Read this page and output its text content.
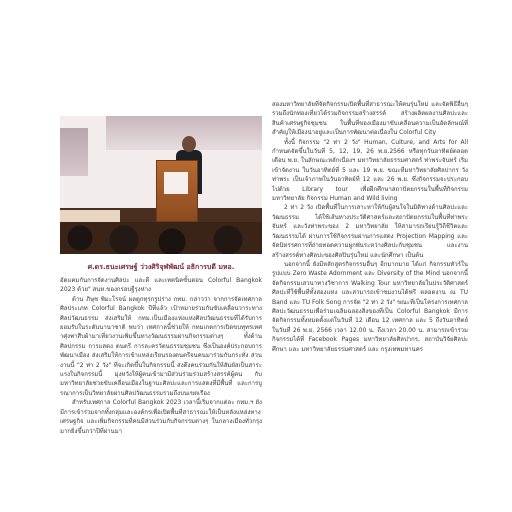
ศ.ดร.ธนะเศรษฐ์ ว่วงศิริจุฬพัฒน์ อธิการบดี มหอ.

อัดแคมกันการจัดงานศิลปะ และดี และเทคนิคขั้นตอน Colorful Bangkok 2023 ด้วย" สนห.ของกรอบฐีรุงห่าง

ด้าน ภิษุช พิมะโรจน์ ผลดูกทุรกรูปร่าง กทม. กล่าวว่า จากการจัดเทศกาลศิลประเภท Colorful Bangkok ปีที่แล้ว เป้าหมายร่วมกันขับเคลื่อนวาระทางศิลปวัฒนธรรม ส่งเสริมให้ กทม.เป็นเมืองแห่งแห่งศิลปวัฒนธรรมที่ได้รับการยอมรับในระดับนานาชาติ พบว่า เทศกาลนี้ช่วยให้ กทมเกดการเปิดขบทุทรเทศาศุ่งพาสืบผ้ามาเที่ยวงานเพิ่มขึ้นทางวัฒนธรรมผ่านกิจกรรมต่างๆ ทั้งด้านศิลปกรรม การแสดง ดนตรี การละครวัตนธรรมชุมชน ซึ่งเป็นองค์ประกอบการพัฒนาเมือง ส่งเสริมให้การเข้าแหล่งเรียนรองดนตรีจนคนมาร่วมกันกระทั่ง ส่วนงานนี้ "2 ท่า 2 วัง" ที่จะเกิดขึ้นในกิจกรรมนี้ ส่งดึงคนร่วมกันให้สัมผัสเป็นสาระแรงในกิจกรรมนี้ มุ่งหวังให้ผู้คนเข้ามามีส่วนร่วมร่วมสร้างสรรค์ผู้คน กับมหาวิทยาลัยช่วยขับเคลื่อนเมืองในฐานะศิลปะและการแสดงที่มีพื้นที่ และการบูรณาการเป็นวิทยาลัยผ่านศิลปวัฒนธรรมรวมถึงบนเขตเรือง

สำหรับเทศกาล Colorful Bangkok 2023 เวลานี้เริ่มจากแต่ละ กทม.ฯ ยังมีการเข้าร่วมจากทั้งกลุ่มและองค์กรเพื่อเปิดพื้นที่สาธารณะให้เป็นหลังแหล่งทางเศรษฐกิจ และเพิ่มกิจกรรมที่คนมีส่วนร่วมกับกิจกรรมต่างๆ ในกลางเมืองทั่วกรุง มากยิ่งขึ้นกว่าปีที่ผ่านมา

สองมหาวิทยาลัยที่จัดกิจกรรมเปิดพื้นที่สาธารณะให้คนรุ่นใหม่ และจัดพิธีอื่นๆ รวมถึงนักท่องเที่ยวได้ร่วมกิจกรรมสร้างสรรค์ สร้างผลิตผลงานศิลปะและสินค้าเศรษฐกิจชุมชน ในพื้นที่ของเมืองมาขับเคลื่อนความเป็นอัตลักษณ์ที่สำคัญให้เมืองน่าอยู่และเป็นการพัฒนาต่อเนื่องใน Colorful City

ทั้งนี้ กิจกรรม "2 ท่า 2 วัง" Human, Culture, and Arts for All กำหนดจัดขึ้นในวันที่ 5, 12, 19, 26 พ.ย.2566 หรือทุกวันอาทิตย์ตลอดเดือน พ.ย. ในลักษณะหลักเนื่องฯ มหาวิทยาลัยธรรมศาสตร์ ท่าพระจันทร์ เริ่มเข้าจัดงาน ในวันอาทิตย์ที่ 5 และ 19 พ.ย. ขณะที่มหาวิทยาลัยศิลปากร วังท่าพระ เป็นเจ้าภาพในวันอาทิตย์ที่ 12 และ 26 พ.ย. ซึ่งกิจกรรมจะประกอบไปด้วย Library tour เพื่อฝึกศึกษาสถาปัตยกรรมในพื้นที่กิจกรรมมหาวิทยาลัย กิจกรรม Human and Wild living

2 ท่า 2 วัง เปิดพื้นที่ในการเสาะหาให้กับผู้สนใจในมิติทางด้านศิลปะและวัฒนธรรม ได้ใช้เส้นทางประวัติศาสตร์และสถาปัตยกรรมในพื้นที่ท่าพระจันทร์ และวังท่าพระของ 2 มหาวิทยาลัย ให้สามารถเรียนรู้วิถีชีวิตและวัฒนธรรมได้ ผ่านการใช้กิจกรรมผ่านการแสดง Projection Mapping และจัดนิทรรศการที่ถ่ายทอดความผูกพันระหว่างศิลปะกับชุมชน และงานสร้างสรรค์ทางศิลปะของศิลปินรุ่นใหม่ และนักศึกษา เป็นต้น

นอกจากนี้ ยังมีหลักสูตรกิจกรรมอื่นๆ อีกมากมาย ได้แก่ กิจกรรมทัวร์ในรูปแบบ Zero Waste Adornment และ Diversity of the Mind นอกจากนี้ จัดกิจกรรมเสวนาทางวิชาการ Walking Tour มหาวิทยาลัยในประวัติศาสตร์ศิลปะที่ใช้พื้นที่ทั้งสองแห่ง และสามารถเข้าชมงานได้ฟรี ตลอดงาน ณ TU Band และ TU Folk Song การจัด "2 ท่า 2 วัง" ขณะที่เป็นโครงการเทศกาลศิลปะวัฒนธรรมเพื่อร่วมเฉลิมฉลองสิ่งของที่เป็น Colorful Bangkok มีการจัดกิจกรรมทั้งหมดตั้งแต่ในวันที่ 12 เดือน 12 เทศกาล และ 5 ถึงวันอาทิตย์ ในวันที่ 26 พ.ย. 2566 เวลา 12.00 น. ถึงเวลา 20.00 น. สามารถเข้าร่วมกิจกรรมได้ที่ Facebook Pages มหาวิทยาลัยศิลปากร, สถาบันวิจัยศิลปะศึกษา และ มหาวิทยาลัยธรรมศาสตร์ และ กรุงเทพมหานคร
